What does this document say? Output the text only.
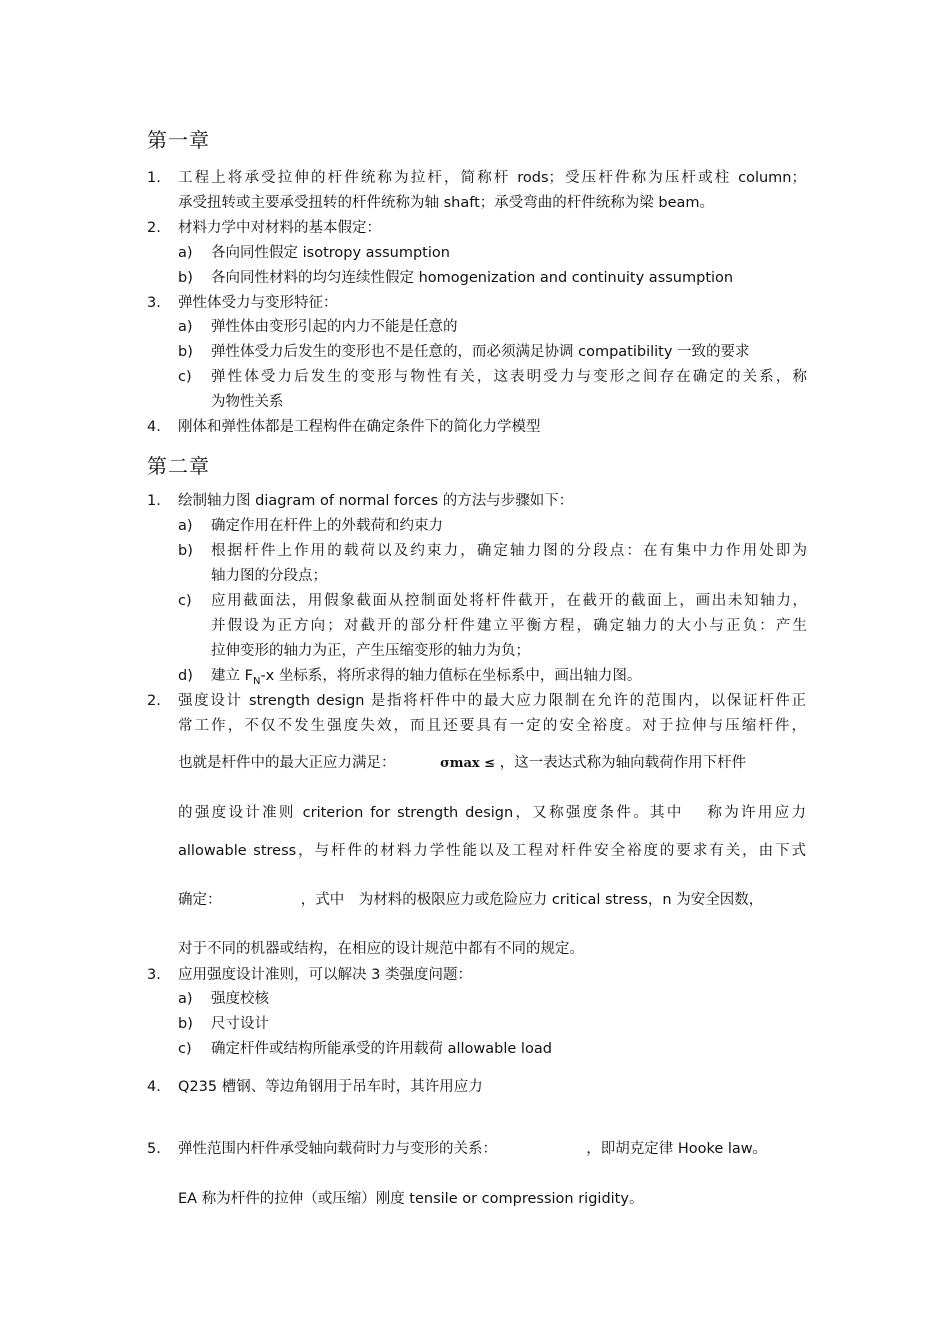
第一章
1. 工程上将承受拉伸的杆件统称为拉杆，简称杆 rods；受压杆件称为压杆或柱 column；
承受扭转或主要承受扭转的杆件统称为轴 shaft；承受弯曲的杆件统称为梁 beam。
2. 材料力学中对材料的基本假定：
a) 各向同性假定 isotropy assumption
b) 各向同性材料的均匀连续性假定 homogenization and continuity assumption
3. 弹性体受力与变形特征：
a) 弹性体由变形引起的内力不能是任意的
b) 弹性体受力后发生的变形也不是任意的，而必须满足协调 compatibility 一致的要求
c) 弹性体受力后发生的变形与物性有关，这表明受力与变形之间存在确定的关系，称
为物性关系
4. 刚体和弹性体都是工程构件在确定条件下的简化力学模型
第二章
1. 绘制轴力图 diagram of normal forces 的方法与步骤如下：
a) 确定作用在杆件上的外载荷和约束力
b) 根据杆件上作用的载荷以及约束力，确定轴力图的分段点：在有集中力作用处即为
轴力图的分段点；
c) 应用截面法，用假象截面从控制面处将杆件截开，在截开的截面上，画出未知轴力，
并假设为正方向；对截开的部分杆件建立平衡方程，确定轴力的大小与正负：产生
拉伸变形的轴力为正，产生压缩变形的轴力为负；
d) 建立 $F_N-x$ 坐标系，将所求得的轴力值标在坐标系中，画出轴力图。
2. 强度设计 strength design 是指将杆件中的最大应力限制在允许的范围内，以保证杆件正
常工作，不仅不发生强度失效，而且还要具有一定的安全裕度。对于拉伸与压缩杆件，
也就是杆件中的最大正应力满足：	σmax ≤ ，这一表达式称为轴向载荷作用下杆件
的强度设计准则 criterion for strength design，又称强度条件。其中　 称为许用应力
allowable stress，与杆件的材料力学性能以及工程对杆件安全裕度的要求有关，由下式
确定：	，式中　为材料的极限应力或危险应力 critical stress，n 为安全因数，
对于不同的机器或结构，在相应的设计规范中都有不同的规定。
3. 应用强度设计准则，可以解决 3 类强度问题：
a) 强度校核
b) 尺寸设计
c) 确定杆件或结构所能承受的许用载荷 allowable load
4. Q235 槽钢、等边角钢用于吊车时，其许用应力
5. 弹性范围内杆件承受轴向载荷时力与变形的关系：	，即胡克定律 Hooke law。
EA 称为杆件的拉伸（或压缩）刚度 tensile or compression rigidity。
